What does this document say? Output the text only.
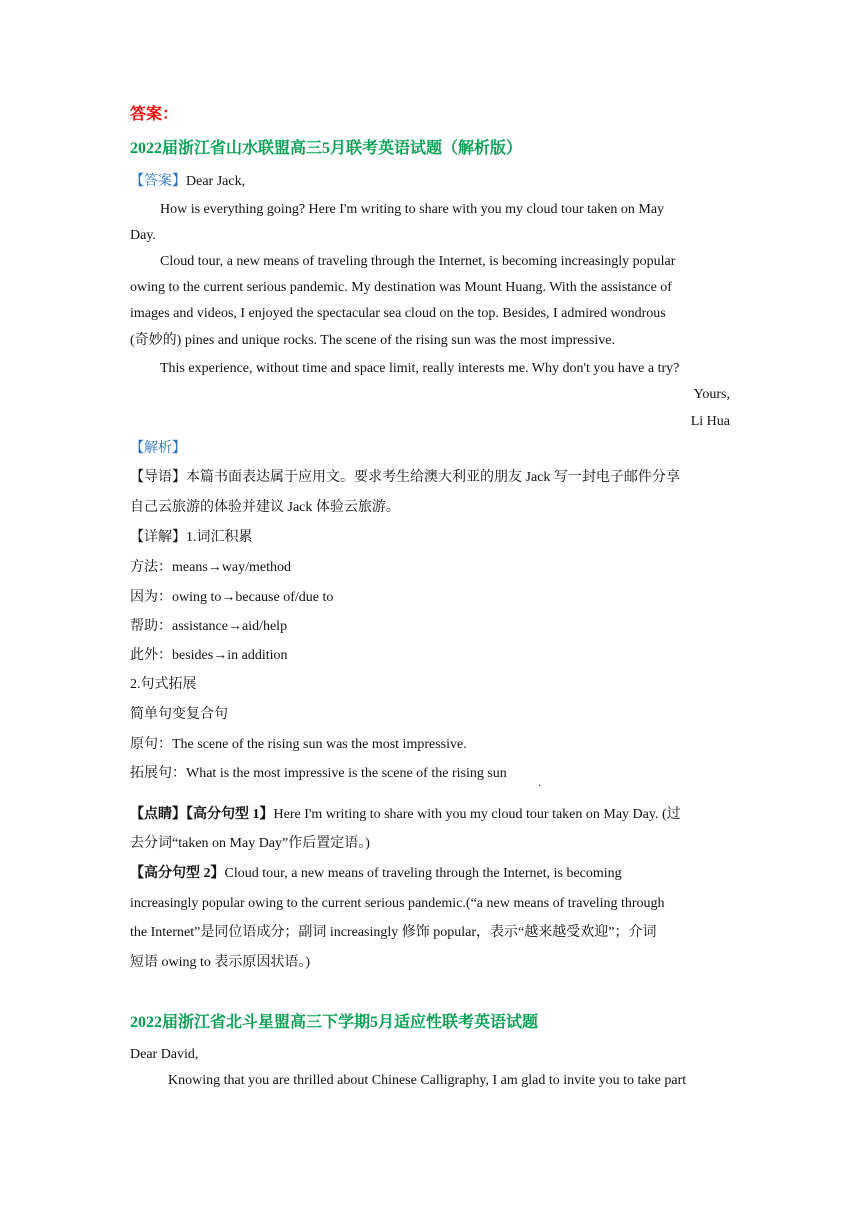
答案：
2022届浙江省山水联盟高三5月联考英语试题（解析版）
【答案】Dear Jack,
How is everything going? Here I'm writing to share with you my cloud tour taken on May
Day.
Cloud tour, a new means of traveling through the Internet, is becoming increasingly popular
owing to the current serious pandemic. My destination was Mount Huang. With the assistance of
images and videos, I enjoyed the spectacular sea cloud on the top. Besides, I admired wondrous
(奇妙的) pines and unique rocks. The scene of the rising sun was the most impressive.
This experience, without time and space limit, really interests me. Why don't you have a try?
Yours,
Li Hua
【解析】
【导语】本篇书面表达属于应用文。要求考生给澳大利亚的朋友 Jack 写一封电子邮件分享
自己云旅游的体验并建议 Jack 体验云旅游。
【详解】1.词汇积累
方法：means→way/method
因为：owing to→because of/due to
帮助：assistance→aid/help
此外：besides→in addition
2.句式拓展
简单句变复合句
原句：The scene of the rising sun was the most impressive.
拓展句：What is the most impressive is the scene of the rising sun
.
【点睛】【高分句型 1】Here I'm writing to share with you my cloud tour taken on May Day. (过
去分词“taken on May Day”作后置定语。)
【高分句型 2】Cloud tour, a new means of traveling through the Internet, is becoming
increasingly popular owing to the current serious pandemic.(“a new means of traveling through
the Internet”是同位语成分；副词 increasingly 修饰 popular，表示“越来越受欢迎”；介词
短语 owing to 表示原因状语。)
2022届浙江省北斗星盟高三下学期5月适应性联考英语试题
Dear David,
Knowing that you are thrilled about Chinese Calligraphy, I am glad to invite you to take part
